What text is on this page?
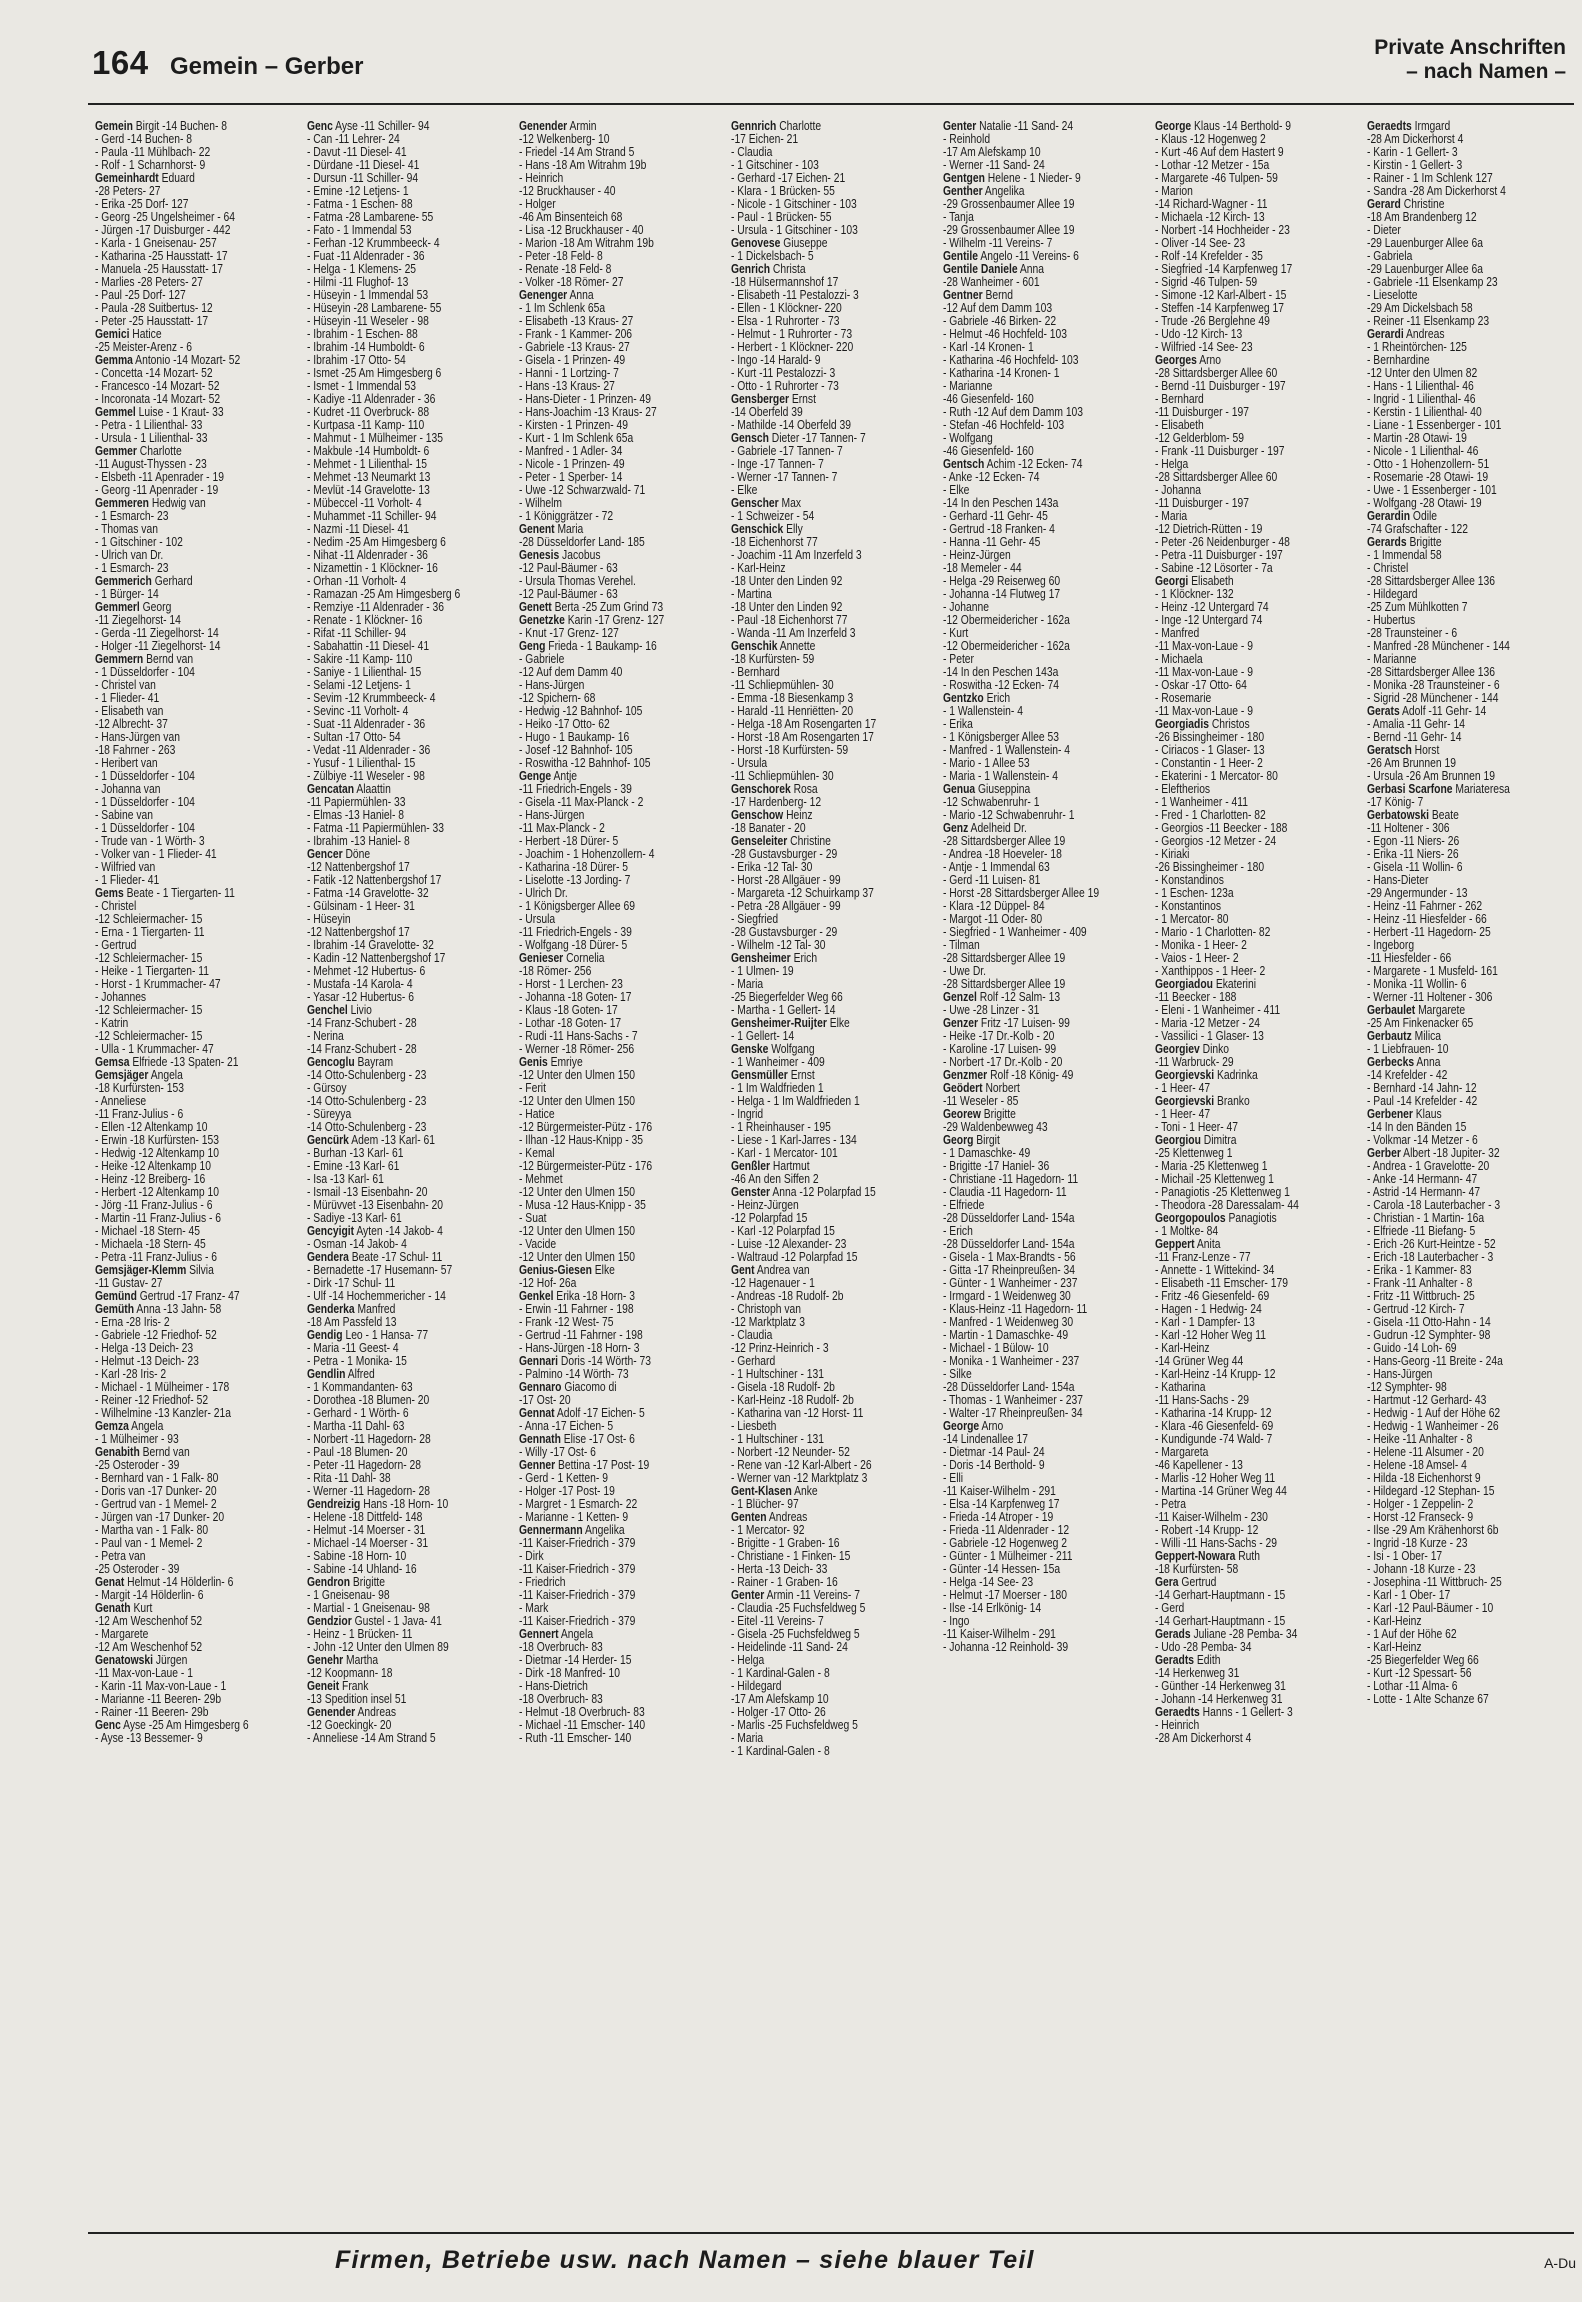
164 Gemein – Gerber
Private Anschriften
– nach Namen –
Gemein Birgit -14 Buchen- 8
- Gerd -14 Buchen- 8
- Paula -11 Mühlbach- 22
- Rolf - 1 Scharnhorst- 9
Gemeinhardt Eduard
-28 Peters- 27
- Erika -25 Dorf- 127
- Georg -25 Ungelsheimer - 64
- Jürgen -17 Duisburger - 442
- Karla - 1 Gneisenau- 257
- Katharina -25 Hausstatt- 17
- Manuela -25 Hausstatt- 17
- Marlies -28 Peters- 27
- Paul -25 Dorf- 127
- Paula -28 Suitbertus- 12
- Peter -25 Hausstatt- 17
Gemici Hatice
-25 Meister-Arenz - 6
Gemma Antonio -14 Mozart- 52
- Concetta -14 Mozart- 52
- Francesco -14 Mozart- 52
- Incoronata -14 Mozart- 52
Gemmel Luise - 1 Kraut- 33
- Petra - 1 Lilienthal- 33
- Ursula - 1 Lilienthal- 33
Gemmer Charlotte
-11 August-Thyssen - 23
- Elsbeth -11 Apenrader - 19
- Georg -11 Apenrader - 19
Gemmeren Hedwig van
- 1 Esmarch- 23
- Thomas van
- 1 Gitschiner - 102
- Ulrich van Dr.
- 1 Esmarch- 23
Gemmerich Gerhard
- 1 Bürger- 14
Gemmerl Georg
-11 Ziegelhorst- 14
- Gerda -11 Ziegelhorst- 14
- Holger -11 Ziegelhorst- 14
Gemmern Bernd van
- 1 Düsseldorfer - 104
- Christel van
- 1 Flieder- 41
- Elisabeth van
-12 Albrecht- 37
- Hans-Jürgen van
-18 Fahrner - 263
- Heribert van
- 1 Düsseldorfer - 104
- Johanna van
- 1 Düsseldorfer - 104
- Sabine van
- 1 Düsseldorfer - 104
- Trude van - 1 Wörth- 3
- Volker van - 1 Flieder- 41
- Wilfried van
- 1 Flieder- 41
Gems Beate - 1 Tiergarten- 11
- Christel
-12 Schleiermacher- 15
- Erna - 1 Tiergarten- 11
- Gertrud
-12 Schleiermacher- 15
- Heike - 1 Tiergarten- 11
- Horst - 1 Krummacher- 47
- Johannes
-12 Schleiermacher- 15
- Katrin
-12 Schleiermacher- 15
- Ulla - 1 Krummacher- 47
Gemsa Elfriede -13 Spaten- 21
Gemsjäger Angela
-18 Kurfürsten- 153
- Anneliese
-11 Franz-Julius - 6
- Ellen -12 Altenkamp 10
- Erwin -18 Kurfürsten- 153
- Hedwig -12 Altenkamp 10
- Heike -12 Altenkamp 10
- Heinz -12 Breiberg- 16
- Herbert -12 Altenkamp 10
- Jörg -11 Franz-Julius - 6
- Martin -11 Franz-Julius - 6
- Michael -18 Stern- 45
- Michaela -18 Stern- 45
- Petra -11 Franz-Julius - 6
Gemsjäger-Klemm Silvia
-11 Gustav- 27
Gemünd Gertrud -17 Franz- 47
Gemüth Anna -13 Jahn- 58
- Erna -28 Iris- 2
- Gabriele -12 Friedhof- 52
- Helga -13 Deich- 23
- Helmut -13 Deich- 23
- Karl -28 Iris- 2
- Michael - 1 Mülheimer - 178
- Reiner -12 Friedhof- 52
- Wilhelmine -13 Kanzler- 21a
Gemza Angela
- 1 Mülheimer - 93
Genabith Bernd van
-25 Osteroder - 39
- Bernhard van - 1 Falk- 80
- Doris van -17 Dunker- 20
- Gertrud van - 1 Memel- 2
- Jürgen van -17 Dunker- 20
- Martha van - 1 Falk- 80
- Paul van - 1 Memel- 2
- Petra van
-25 Osteroder - 39
Genat Helmut -14 Hölderlin- 6
- Margit -14 Hölderlin- 6
Genath Kurt
-12 Am Weschenhof 52
- Margarete
-12 Am Weschenhof 52
Genatowski Jürgen
-11 Max-von-Laue - 1
- Karin -11 Max-von-Laue - 1
- Marianne -11 Beeren- 29b
- Rainer -11 Beeren- 29b
Genc Ayse -25 Am Himgesberg 6
- Ayse -13 Bessemer- 9
Genc Ayse -11 Schiller- 94
- Can -11 Lehrer- 24
- Davut -11 Diesel- 41
- Dürdane -11 Diesel- 41
- Dursun -11 Schiller- 94
- Emine -12 Letjens- 1
- Fatma - 1 Eschen- 88
- Fatma -28 Lambarene- 55
- Fato - 1 Immendal 53
- Ferhan -12 Krummbeeck- 4
- Fuat -11 Aldenrader - 36
- Helga - 1 Klemens- 25
- Hilmi -11 Flughof- 13
- Hüseyin - 1 Immendal 53
- Hüseyin -28 Lambarene- 55
- Hüseyin -11 Weseler - 98
- Ibrahim - 1 Eschen- 88
- Ibrahim -14 Humboldt- 6
- Ibrahim -17 Otto- 54
- Ismet -25 Am Himgesberg 6
- Ismet - 1 Immendal 53
- Kadiye -11 Aldenrader - 36
- Kudret -11 Overbruck- 88
- Kurtpasa -11 Kamp- 110
- Mahmut - 1 Mülheimer - 135
- Makbule -14 Humboldt- 6
- Mehmet - 1 Lilienthal- 15
- Mehmet -13 Neumarkt 13
- Mevlüt -14 Gravelotte- 13
- Mübeccel -11 Vorholt- 4
- Muhammet -11 Schiller- 94
- Nazmi -11 Diesel- 41
- Nedim -25 Am Himgesberg 6
- Nihat -11 Aldenrader - 36
- Nizamettin - 1 Klöckner- 16
- Orhan -11 Vorholt- 4
- Ramazan -25 Am Himgesberg 6
- Remziye -11 Aldenrader - 36
- Renate - 1 Klöckner- 16
- Rifat -11 Schiller- 94
- Sabahattin -11 Diesel- 41
- Sakire -11 Kamp- 110
- Saniye - 1 Lilienthal- 15
- Selami -12 Letjens- 1
- Sevim -12 Krummbeeck- 4
- Sevinc -11 Vorholt- 4
- Suat -11 Aldenrader - 36
- Sultan -17 Otto- 54
- Vedat -11 Aldenrader - 36
- Yusuf - 1 Lilienthal- 15
- Zülbiye -11 Weseler - 98
Gencatan Alaattin
-11 Papiermühlen- 33
- Elmas -13 Haniel- 8
- Fatma -11 Papiermühlen- 33
- Ibrahim -13 Haniel- 8
Gencer Döne
-12 Nattenbergshof 17
- Fatik -12 Nattenbergshof 17
- Fatma -14 Gravelotte- 32
- Gülsinam - 1 Heer- 31
- Hüseyin
-12 Nattenbergshof 17
- Ibrahim -14 Gravelotte- 32
- Kadin -12 Nattenbergshof 17
- Mehmet -12 Hubertus- 6
- Mustafa -14 Karola- 4
- Yasar -12 Hubertus- 6
Genchel Livio
-14 Franz-Schubert - 28
- Nerina
-14 Franz-Schubert - 28
Gencoglu Bayram
-14 Otto-Schulenberg - 23
- Gürsoy
-14 Otto-Schulenberg - 23
- Süreyya
-14 Otto-Schulenberg - 23
Gencürk Adem -13 Karl- 61
- Burhan -13 Karl- 61
- Emine -13 Karl- 61
- Isa -13 Karl- 61
- Ismail -13 Eisenbahn- 20
- Mürüvvet -13 Eisenbahn- 20
- Sadiye -13 Karl- 61
Gencyigit Ayten -14 Jakob- 4
- Osman -14 Jakob- 4
Gendera Beate -17 Schul- 11
- Bernadette -17 Husemann- 57
- Dirk -17 Schul- 11
- Ulf -14 Hochemmericher - 14
Genderka Manfred
-18 Am Passfeld 13
Gendig Leo - 1 Hansa- 77
- Maria -11 Geest- 4
- Petra - 1 Monika- 15
Gendlin Alfred
- 1 Kommandanten- 63
- Dorothea -18 Blumen- 20
- Gerhard - 1 Wörth- 6
- Martha -11 Dahl- 63
- Norbert -11 Hagedorn- 28
- Paul -18 Blumen- 20
- Peter -11 Hagedorn- 28
- Rita -11 Dahl- 38
- Werner -11 Hagedorn- 28
Gendreizig Hans -18 Horn- 10
- Helene -18 Dittfeld- 148
- Helmut -14 Moerser - 31
- Michael -14 Moerser - 31
- Sabine -18 Horn- 10
- Sabine -14 Uhland- 16
Gendron Brigitte
- 1 Gneisenau- 98
- Martial - 1 Gneisenau- 98
Gendzior Gustel - 1 Java- 41
- Heinz - 1 Brücken- 11
- John -12 Unter den Ulmen 89
Genehr Martha
-12 Koopmann- 18
Geneit Frank
-13 Spedition insel 51
Genender Andreas
-12 Goeckingk- 20
- Anneliese -14 Am Strand 5
Genender Armin
-12 Welkenberg- 10
- Friedel -14 Am Strand 5
- Hans -18 Am Witrahm 19b
- Heinrich
-12 Bruckhauser - 40
- Holger
-46 Am Binsenteich 68
- Lisa -12 Bruckhauser - 40
- Marion -18 Am Witrahm 19b
- Peter -18 Feld- 8
- Renate -18 Feld- 8
- Volker -18 Römer- 27
Genenger Anna
- 1 Im Schlenk 65a
- Elisabeth -13 Kraus- 27
- Frank - 1 Kammer- 206
- Gabriele -13 Kraus- 27
- Gisela - 1 Prinzen- 49
- Hanni - 1 Lortzing- 7
- Hans -13 Kraus- 27
- Hans-Dieter - 1 Prinzen- 49
- Hans-Joachim -13 Kraus- 27
- Kirsten - 1 Prinzen- 49
- Kurt - 1 Im Schlenk 65a
- Manfred - 1 Adler- 34
- Nicole - 1 Prinzen- 49
- Peter - 1 Sperber- 14
- Uwe -12 Schwarzwald- 71
- Wilhelm
- 1 Königgrätzer - 72
Genent Maria
-28 Düsseldorfer Land- 185
Genesis Jacobus
-12 Paul-Bäumer - 63
- Ursula Thomas Verehel.
-12 Paul-Bäumer - 63
Genett Berta -25 Zum Grind 73
Genetzke Karin -17 Grenz- 127
- Knut -17 Grenz- 127
Geng Frieda - 1 Baukamp- 16
- Gabriele
-12 Auf dem Damm 40
- Hans-Jürgen
-12 Spichern- 68
- Hedwig -12 Bahnhof- 105
- Heiko -17 Otto- 62
- Hugo - 1 Baukamp- 16
- Josef -12 Bahnhof- 105
- Roswitha -12 Bahnhof- 105
Genge Antje
-11 Friedrich-Engels - 39
- Gisela -11 Max-Planck - 2
- Hans-Jürgen
-11 Max-Planck - 2
- Herbert -18 Dürer- 5
- Joachim - 1 Hohenzollern- 4
- Katharina -18 Dürer- 5
- Liselotte -13 Jording- 7
- Ulrich Dr.
- 1 Königsberger Allee 69
- Ursula
-11 Friedrich-Engels - 39
- Wolfgang -18 Dürer- 5
Genieser Cornelia
-18 Römer- 256
- Horst - 1 Lerchen- 23
- Johanna -18 Goten- 17
- Klaus -18 Goten- 17
- Lothar -18 Goten- 17
- Rudi -11 Hans-Sachs - 7
- Werner -18 Römer- 256
Genis Emriye
-12 Unter den Ulmen 150
- Ferit
-12 Unter den Ulmen 150
- Hatice
-12 Bürgermeister-Pütz - 176
- Ilhan -12 Haus-Knipp - 35
- Kemal
-12 Bürgermeister-Pütz - 176
- Mehmet
-12 Unter den Ulmen 150
- Musa -12 Haus-Knipp - 35
- Suat
-12 Unter den Ulmen 150
- Vacide
-12 Unter den Ulmen 150
Genius-Giesen Elke
-12 Hof- 26a
Genkel Erika -18 Horn- 3
- Erwin -11 Fahrner - 198
- Frank -12 West- 75
- Gertrud -11 Fahrner - 198
- Hans-Jürgen -18 Horn- 3
Gennari Doris -14 Wörth- 73
- Palmino -14 Wörth- 73
Gennaro Giacomo di
-17 Ost- 20
Gennat Adolf -17 Eichen- 5
- Anna -17 Eichen- 5
Gennath Elise -17 Ost- 6
- Willy -17 Ost- 6
Genner Bettina -17 Post- 19
- Gerd - 1 Ketten- 9
- Holger -17 Post- 19
- Margret - 1 Esmarch- 22
- Marianne - 1 Ketten- 9
Gennermann Angelika
-11 Kaiser-Friedrich - 379
- Dirk
-11 Kaiser-Friedrich - 379
- Friedrich
-11 Kaiser-Friedrich - 379
- Mark
-11 Kaiser-Friedrich - 379
Gennert Angela
-18 Overbruch- 83
- Dietmar -14 Herder- 15
- Dirk -18 Manfred- 10
- Hans-Dietrich
-18 Overbruch- 83
- Helmut -18 Overbruch- 83
- Michael -11 Emscher- 140
- Ruth -11 Emscher- 140
Gennrich Charlotte
-17 Eichen- 21
- Claudia
- 1 Gitschiner - 103
- Gerhard -17 Eichen- 21
- Klara - 1 Brücken- 55
- Nicole - 1 Gitschiner - 103
- Paul - 1 Brücken- 55
- Ursula - 1 Gitschiner - 103
Genovese Giuseppe
- 1 Dickelsbach- 5
Genrich Christa
-18 Hülsermannshof 17
- Elisabeth -11 Pestalozzi- 3
- Ellen - 1 Klöckner- 220
- Elsa - 1 Ruhrorter - 73
- Helmut - 1 Ruhrorter - 73
- Herbert - 1 Klöckner- 220
- Ingo -14 Harald- 9
- Kurt -11 Pestalozzi- 3
- Otto - 1 Ruhrorter - 73
Gensberger Ernst
-14 Oberfeld 39
- Mathilde -14 Oberfeld 39
Gensch Dieter -17 Tannen- 7
- Gabriele -17 Tannen- 7
- Inge -17 Tannen- 7
- Werner -17 Tannen- 7
- Elke
Genscher Max
- 1 Schweizer - 54
Genschick Elly
-18 Eichenhorst 77
- Joachim -11 Am Inzerfeld 3
- Karl-Heinz
-18 Unter den Linden 92
- Martina
-18 Unter den Linden 92
- Paul -18 Eichenhorst 77
- Wanda -11 Am Inzerfeld 3
Genschik Annette
-18 Kurfürsten- 59
- Bernhard
-11 Schliepmühlen- 30
- Emma -18 Biesenkamp 3
- Harald -11 Henriëtten- 20
- Helga -18 Am Rosengarten 17
- Horst -18 Am Rosengarten 17
- Horst -18 Kurfürsten- 59
- Ursula
-11 Schliepmühlen- 30
Genschorek Rosa
-17 Hardenberg- 12
Genschow Heinz
-18 Banater - 20
Genseleiter Christine
-28 Gustavsburger - 29
- Erika -12 Tal- 30
- Horst -28 Allgäuer - 99
- Margareta -12 Schuirkamp 37
- Petra -28 Allgäuer - 99
- Siegfried
-28 Gustavsburger - 29
- Wilhelm -12 Tal- 30
Gensheimer Erich
- 1 Ulmen- 19
- Maria
-25 Biegerfelder Weg 66
- Martha - 1 Gellert- 14
Gensheimer-Ruijter Elke
- 1 Gellert- 14
Genske Wolfgang
- 1 Wanheimer - 409
Gensmüller Ernst
- 1 Im Waldfrieden 1
- Helga - 1 Im Waldfrieden 1
- Ingrid
- 1 Rheinhauser - 195
- Liese - 1 Karl-Jarres - 134
- Karl - 1 Mercator- 101
Genßler Hartmut
-46 An den Siffen 2
Genster Anna -12 Polarpfad 15
- Heinz-Jürgen
-12 Polarpfad 15
- Karl -12 Polarpfad 15
- Luise -12 Alexander- 23
- Waltraud -12 Polarpfad 15
Gent Andrea van
-12 Hagenauer - 1
- Andreas -18 Rudolf- 2b
- Christoph van
-12 Marktplatz 3
- Claudia
-12 Prinz-Heinrich - 3
- Gerhard
- 1 Hultschiner - 131
- Gisela -18 Rudolf- 2b
- Karl-Heinz -18 Rudolf- 2b
- Katharina van -12 Horst- 11
- Liesbeth
- 1 Hultschiner - 131
- Norbert -12 Neunder- 52
- Rene van -12 Karl-Albert - 26
- Werner van -12 Marktplatz 3
Gent-Klasen Anke
- 1 Blücher- 97
Genten Andreas
- 1 Mercator- 92
- Brigitte - 1 Graben- 16
- Christiane - 1 Finken- 15
- Herta -13 Deich- 33
- Rainer - 1 Graben- 16
Genter Armin -11 Vereins- 7
- Claudia -25 Fuchsfeldweg 5
- Eitel -11 Vereins- 7
- Gisela -25 Fuchsfeldweg 5
- Heidelinde -11 Sand- 24
- Helga
- 1 Kardinal-Galen - 8
- Hildegard
-17 Am Alefskamp 10
- Holger -17 Otto- 26
- Marlis -25 Fuchsfeldweg 5
- Maria
- 1 Kardinal-Galen - 8
Genter Natalie -11 Sand- 24
- Reinhold
-17 Am Alefskamp 10
- Werner -11 Sand- 24
Gentgen Helene - 1 Nieder- 9
Genther Angelika
-29 Grossenbaumer Allee 19
- Tanja
-29 Grossenbaumer Allee 19
- Wilhelm -11 Vereins- 7
Gentile Angelo -11 Vereins- 6
Gentile Daniele Anna
-28 Wanheimer - 601
Gentner Bernd
-12 Auf dem Damm 103
- Gabriele -46 Birken- 22
- Helmut -46 Hochfeld- 103
- Karl -14 Kronen- 1
- Katharina -46 Hochfeld- 103
- Katharina -14 Kronen- 1
- Marianne
-46 Giesenfeld- 160
- Ruth -12 Auf dem Damm 103
- Stefan -46 Hochfeld- 103
- Wolfgang
-46 Giesenfeld- 160
Gentsch Achim -12 Ecken- 74
- Anke -12 Ecken- 74
- Elke
-14 In den Peschen 143a
- Gerhard -11 Gehr- 45
- Gertrud -18 Franken- 4
- Hanna -11 Gehr- 45
- Heinz-Jürgen
-18 Memeler - 44
- Helga -29 Reiserweg 60
- Johanna -14 Flutweg 17
- Johanne
-12 Obermeidericher - 162a
- Kurt
-12 Obermeidericher - 162a
- Peter
-14 In den Peschen 143a
- Roswitha -12 Ecken- 74
Gentzko Erich
- 1 Wallenstein- 4
- Erika
- 1 Königsberger Allee 53
- Manfred - 1 Wallenstein- 4
- Mario - 1 Allee 53
- Maria - 1 Wallenstein- 4
Genua Giuseppina
-12 Schwabenruhr- 1
- Mario -12 Schwabenruhr- 1
Genz Adelheid Dr.
-28 Sittardsberger Allee 19
- Andrea -18 Hoeveler- 18
- Antje - 1 Immendal 63
- Gerd -11 Luisen- 81
- Horst -28 Sittardsberger Allee 19
- Klara -12 Düppel- 84
- Margot -11 Oder- 80
- Siegfried - 1 Wanheimer - 409
- Tilman
-28 Sittardsberger Allee 19
- Uwe Dr.
-28 Sittardsberger Allee 19
Genzel Rolf -12 Salm- 13
- Uwe -28 Linzer - 31
Genzer Fritz -17 Luisen- 99
- Heike -17 Dr.-Kolb - 20
- Karoline -17 Luisen- 99
- Norbert -17 Dr.-Kolb - 20
Genzmer Rolf -18 König- 49
Geödert Norbert
-11 Weseler - 85
Georew Brigitte
-29 Waldenbewweg 43
Georg Birgit
- 1 Damaschke- 49
- Brigitte -17 Haniel- 36
- Christiane -11 Hagedorn- 11
- Claudia -11 Hagedorn- 11
- Elfriede
-28 Düsseldorfer Land- 154a
- Erich
-28 Düsseldorfer Land- 154a
- Gisela - 1 Max-Brandts - 56
- Gitta -17 Rheinpreußen- 34
- Günter - 1 Wanheimer - 237
- Irmgard - 1 Weidenweg 30
- Klaus-Heinz -11 Hagedorn- 11
- Manfred - 1 Weidenweg 30
- Martin - 1 Damaschke- 49
- Michael - 1 Bülow- 10
- Monika - 1 Wanheimer - 237
- Silke
-28 Düsseldorfer Land- 154a
- Thomas - 1 Wanheimer - 237
- Walter -17 Rheinpreußen- 34
George Arno
-14 Lindenallee 17
- Dietmar -14 Paul- 24
- Doris -14 Berthold- 9
- Elli
-11 Kaiser-Wilhelm - 291
- Elsa -14 Karpfenweg 17
- Frieda -14 Atroper - 19
- Frieda -11 Aldenrader - 12
- Gabriele -12 Hogenweg 2
- Günter - 1 Mülheimer - 211
- Günter -14 Hessen- 15a
- Helga -14 See- 23
- Helmut -17 Moerser - 180
- Ilse -14 Erlkönig- 14
- Ingo
-11 Kaiser-Wilhelm - 291
- Johanna -12 Reinhold- 39
George Klaus -14 Berthold- 9
- Klaus -12 Hogenweg 2
- Kurt -46 Auf dem Hastert 9
- Lothar -12 Metzer - 15a
- Margarete -46 Tulpen- 59
- Marion
-14 Richard-Wagner - 11
- Michaela -12 Kirch- 13
- Norbert -14 Hochheider - 23
- Oliver -14 See- 23
- Rolf -14 Krefelder - 35
- Siegfried -14 Karpfenweg 17
- Sigrid -46 Tulpen- 59
- Simone -12 Karl-Albert - 15
- Steffen -14 Karpfenweg 17
- Trude -26 Berglehne 49
- Udo -12 Kirch- 13
- Wilfried -14 See- 23
Georges Arno
-28 Sittardsberger Allee 60
- Bernd -11 Duisburger - 197
- Bernhard
-11 Duisburger - 197
- Elisabeth
-12 Gelderblom- 59
- Frank -11 Duisburger - 197
- Helga
-28 Sittardsberger Allee 60
- Johanna
-11 Duisburger - 197
- Maria
-12 Dietrich-Rütten - 19
- Peter -26 Neidenburger - 48
- Petra -11 Duisburger - 197
- Sabine -12 Lösorter - 7a
Georgi Elisabeth
- 1 Klöckner- 132
- Heinz -12 Untergard 74
- Inge -12 Untergard 74
- Manfred
-11 Max-von-Laue - 9
- Michaela
-11 Max-von-Laue - 9
- Oskar -17 Otto- 64
- Rosemarie
-11 Max-von-Laue - 9
Georgiadis Christos
-26 Bissingheimer - 180
- Ciriacos - 1 Glaser- 13
- Constantin - 1 Heer- 2
- Ekaterini - 1 Mercator- 80
- Eleftherios
- 1 Wanheimer - 411
- Fred - 1 Charlotten- 82
- Georgios -11 Beecker - 188
- Georgios -12 Metzer - 24
- Kiriaki
-26 Bissingheimer - 180
- Konstandinos
- 1 Eschen- 123a
- Konstantinos
- 1 Mercator- 80
- Mario - 1 Charlotten- 82
- Monika - 1 Heer- 2
- Vaios - 1 Heer- 2
- Xanthippos - 1 Heer- 2
Georgiadou Ekaterini
-11 Beecker - 188
- Eleni - 1 Wanheimer - 411
- Maria -12 Metzer - 24
- Vassilici - 1 Glaser- 13
Georgiev Dinko
-11 Warbruck- 29
Georgievski Kadrinka
- 1 Heer- 47
Georgievski Branko
- 1 Heer- 47
- Toni - 1 Heer- 47
Georgiou Dimitra
-25 Klettenweg 1
- Maria -25 Klettenweg 1
- Michail -25 Klettenweg 1
- Panagiotis -25 Klettenweg 1
- Theodora -28 Daressalam- 44
Georgopoulos Panagiotis
- 1 Moltke- 84
Geppert Anita
-11 Franz-Lenze - 77
- Annette - 1 Wittekind- 34
- Elisabeth -11 Emscher- 179
- Fritz -46 Giesenfeld- 69
- Hagen - 1 Hedwig- 24
- Karl - 1 Dampfer- 13
- Karl -12 Hoher Weg 11
- Karl-Heinz
-14 Grüner Weg 44
- Karl-Heinz -14 Krupp- 12
- Katharina
-11 Hans-Sachs - 29
- Katharina -14 Krupp- 12
- Klara -46 Giesenfeld- 69
- Kundigunde -74 Wald- 7
- Margareta
-46 Kapellener - 13
- Marlis -12 Hoher Weg 11
- Martina -14 Grüner Weg 44
- Petra
-11 Kaiser-Wilhelm - 230
- Robert -14 Krupp- 12
- Willi -11 Hans-Sachs - 29
Geppert-Nowara Ruth
-18 Kurfürsten- 58
Gera Gertrud
-14 Gerhart-Hauptmann - 15
- Gerd
-14 Gerhart-Hauptmann - 15
Gerads Juliane -28 Pemba- 34
- Udo -28 Pemba- 34
Geradts Edith
-14 Herkenweg 31
- Günther -14 Herkenweg 31
- Johann -14 Herkenweg 31
Geraedts Hanns - 1 Gellert- 3
- Heinrich
-28 Am Dickerhorst 4
Geraedts Irmgard
-28 Am Dickerhorst 4
- Karin - 1 Gellert- 3
- Kirstin - 1 Gellert- 3
- Rainer - 1 Im Schlenk 127
- Sandra -28 Am Dickerhorst 4
Gerard Christine
-18 Am Brandenberg 12
- Dieter
-29 Lauenburger Allee 6a
- Gabriela
-29 Lauenburger Allee 6a
- Gabriele -11 Elsenkamp 23
- Lieselotte
-29 Am Dickelsbach 58
- Reiner -11 Elsenkamp 23
Gerardi Andreas
- 1 Rheintörchen- 125
- Bernhardine
-12 Unter den Ulmen 82
- Hans - 1 Lilienthal- 46
- Ingrid - 1 Lilienthal- 46
- Kerstin - 1 Lilienthal- 40
- Liane - 1 Essenberger - 101
- Martin -28 Otawi- 19
- Nicole - 1 Lilienthal- 46
- Otto - 1 Hohenzollern- 51
- Rosemarie -28 Otawi- 19
- Uwe - 1 Essenberger - 101
- Wolfgang -28 Otawi- 19
Gerardin Odile
-74 Grafschafter - 122
Gerards Brigitte
- 1 Immendal 58
- Christel
-28 Sittardsberger Allee 136
- Hildegard
-25 Zum Mühlkotten 7
- Hubertus
-28 Traunsteiner - 6
- Manfred -28 Münchener - 144
- Marianne
-28 Sittardsberger Allee 136
- Monika -28 Traunsteiner - 6
- Sigrid -28 Münchener - 144
Gerats Adolf -11 Gehr- 14
- Amalia -11 Gehr- 14
- Bernd -11 Gehr- 14
Geratsch Horst
-26 Am Brunnen 19
- Ursula -26 Am Brunnen 19
Gerbasi Scarfone Mariateresa
-17 König- 7
Gerbatowski Beate
-11 Holtener - 306
- Egon -11 Niers- 26
- Erika -11 Niers- 26
- Gisela -11 Wollin- 6
- Hans-Dieter
-29 Angermunder - 13
- Heinz -11 Fahrner - 262
- Heinz -11 Hiesfelder - 66
- Herbert -11 Hagedorn- 25
- Ingeborg
-11 Hiesfelder - 66
- Margarete - 1 Musfeld- 161
- Monika -11 Wollin- 6
- Werner -11 Holtener - 306
Gerbaulet Margarete
-25 Am Finkenacker 65
Gerbautz Milica
- 1 Liebfrauen- 10
Gerbecks Anna
-14 Krefelder - 42
- Bernhard -14 Jahn- 12
- Paul -14 Krefelder - 42
Gerbener Klaus
-14 In den Bänden 15
- Volkmar -14 Metzer - 6
Gerber Albert -18 Jupiter- 32
- Andrea - 1 Gravelotte- 20
- Anke -14 Hermann- 47
- Astrid -14 Hermann- 47
- Carola -18 Lauterbacher - 3
- Christian - 1 Martin- 16a
- Elfriede -11 Biefang- 5
- Erich -26 Kurt-Heintze - 52
- Erich -18 Lauterbacher - 3
- Erika - 1 Kammer- 83
- Frank -11 Anhalter - 8
- Fritz -11 Wittbruch- 25
- Gertrud -12 Kirch- 7
- Gisela -11 Otto-Hahn - 14
- Gudrun -12 Symphter- 98
- Guido -14 Loh- 69
- Hans-Georg -11 Breite - 24a
- Hans-Jürgen
-12 Symphter- 98
- Hartmut -12 Gerhard- 43
- Hedwig - 1 Auf der Höhe 62
- Hedwig - 1 Wanheimer - 26
- Heike -11 Anhalter - 8
- Helene -11 Alsumer - 20
- Helene -18 Amsel- 4
- Hilda -18 Eichenhorst 9
- Hildegard -12 Stephan- 15
- Holger - 1 Zeppelin- 2
- Horst -12 Franseck- 9
- Ilse -29 Am Krähenhorst 6b
- Ingrid -18 Kurze - 23
- Isi - 1 Ober- 17
- Johann -18 Kurze - 23
- Josephina -11 Wittbruch- 25
- Karl - 1 Ober- 17
- Karl -12 Paul-Bäumer - 10
- Karl-Heinz
- 1 Auf der Höhe 62
- Karl-Heinz
-25 Biegerfelder Weg 66
- Kurt -12 Spessart- 56
- Lothar -11 Alma- 6
- Lotte - 1 Alte Schanze 67
Firmen, Betriebe usw. nach Namen – siehe blauer Teil	A-Du
